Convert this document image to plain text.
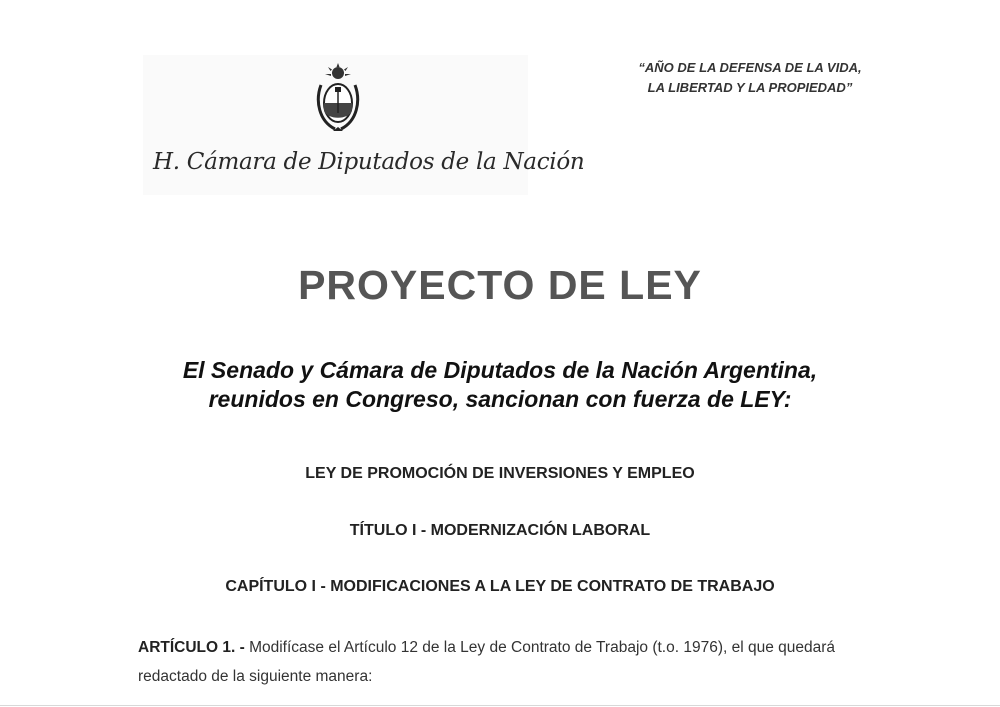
H. Cámara de Diputados de la Nación
“AÑO DE LA DEFENSA DE LA VIDA,
LA LIBERTAD Y LA PROPIEDAD”
PROYECTO DE LEY
El Senado y Cámara de Diputados de la Nación Argentina,
reunidos en Congreso, sancionan con fuerza de LEY:
LEY DE PROMOCIÓN DE INVERSIONES Y EMPLEO
TÍTULO I - MODERNIZACIÓN LABORAL
CAPÍTULO I - MODIFICACIONES A LA LEY DE CONTRATO DE TRABAJO
ARTÍCULO 1. - Modifícase el Artículo 12 de la Ley de Contrato de Trabajo (t.o. 1976), el que quedará redactado de la siguiente manera:
